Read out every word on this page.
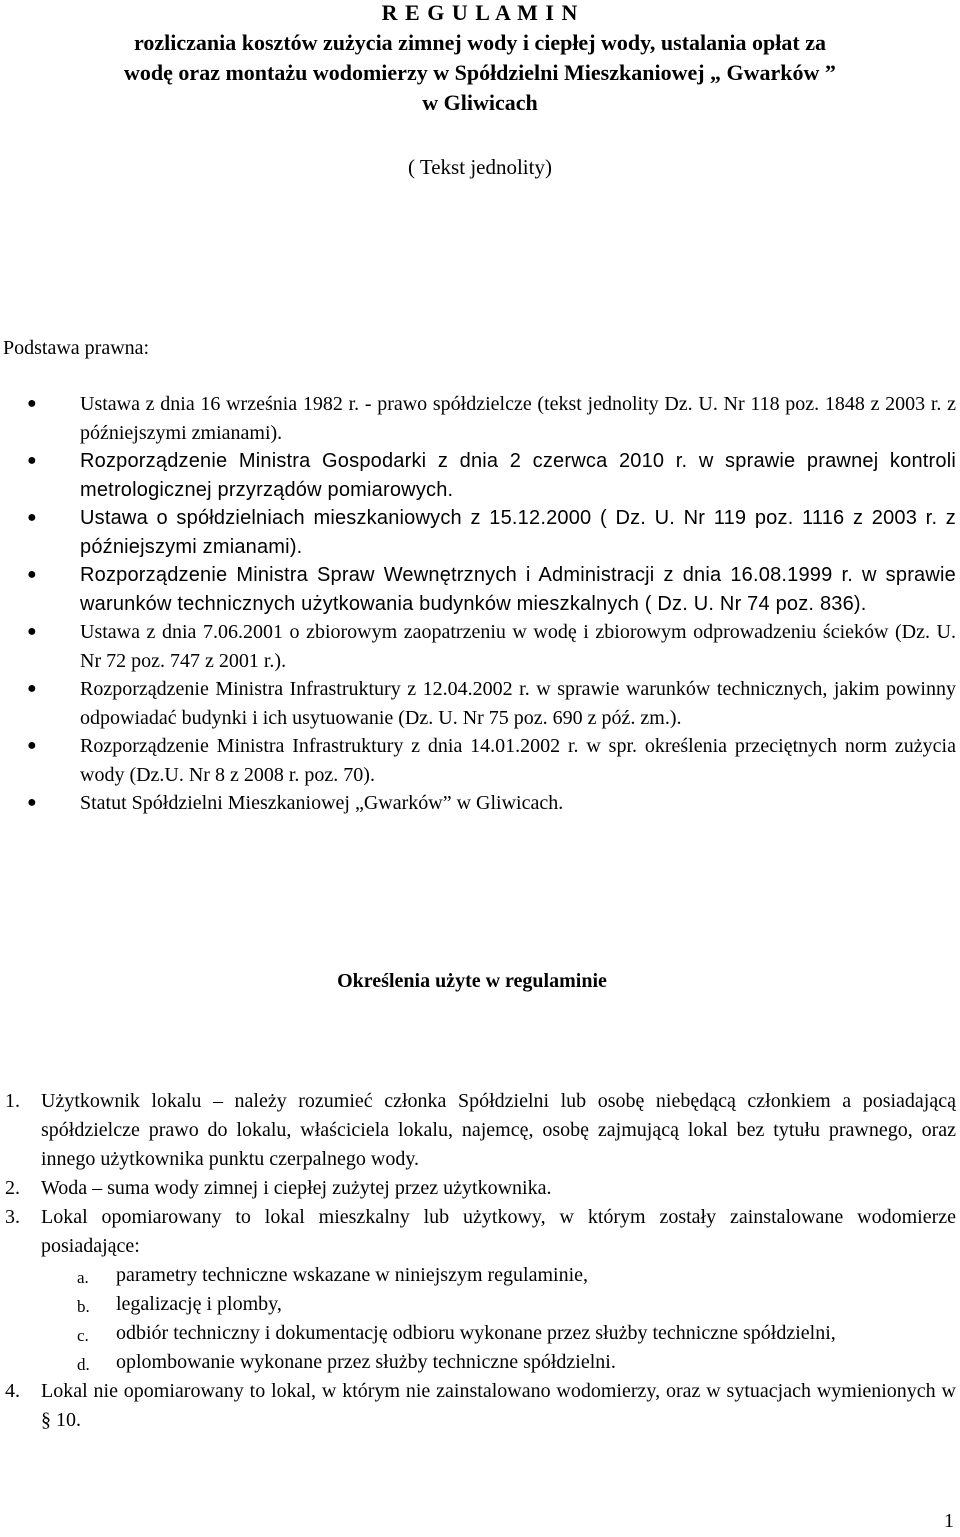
R E G U L A M I N
rozliczania kosztów zużycia zimnej wody i ciepłej wody, ustalania opłat za
wodę oraz montażu wodomierzy w Spółdzielni Mieszkaniowej „ Gwarków ”
w Gliwicach
( Tekst jednolity)
Podstawa prawna:
● Ustawa z dnia 16 września 1982 r. - prawo spółdzielcze (tekst jednolity Dz. U. Nr 118 poz. 1848 z 2003 r. z późniejszymi zmianami).
● Rozporządzenie Ministra Gospodarki z dnia 2 czerwca 2010 r. w sprawie prawnej kontroli metrologicznej przyrządów pomiarowych.
● Ustawa o spółdzielniach mieszkaniowych z 15.12.2000 ( Dz. U. Nr 119 poz. 1116 z 2003 r. z późniejszymi zmianami).
● Rozporządzenie Ministra Spraw Wewnętrznych i Administracji z dnia 16.08.1999 r. w sprawie warunków technicznych użytkowania budynków mieszkalnych ( Dz. U. Nr 74 poz. 836).
● Ustawa z dnia 7.06.2001 o zbiorowym zaopatrzeniu w wodę i zbiorowym odprowadzeniu ścieków (Dz. U. Nr 72 poz. 747 z 2001 r.).
● Rozporządzenie Ministra Infrastruktury z 12.04.2002 r. w sprawie warunków technicznych, jakim powinny odpowiadać budynki i ich usytuowanie (Dz. U. Nr 75 poz. 690 z póź. zm.).
● Rozporządzenie Ministra Infrastruktury z dnia 14.01.2002 r. w spr. określenia przeciętnych norm zużycia wody (Dz.U. Nr 8 z 2008 r. poz. 70).
● Statut Spółdzielni Mieszkaniowej „Gwarków” w Gliwicach.
Określenia użyte w regulaminie
1. Użytkownik lokalu – należy rozumieć członka Spółdzielni lub osobę niebędącą członkiem a posiadającą spółdzielcze prawo do lokalu, właściciela lokalu, najemcę, osobę zajmującą lokal bez tytułu prawnego, oraz innego użytkownika punktu czerpalnego wody.
2. Woda – suma wody zimnej i ciepłej zużytej przez użytkownika.
3. Lokal opomiarowany to lokal mieszkalny lub użytkowy, w którym zostały zainstalowane wodomierze posiadające:
a. parametry techniczne wskazane w niniejszym regulaminie,
b. legalizację i plomby,
c. odbiór techniczny i dokumentację odbioru wykonane przez służby techniczne spółdzielni,
d. oplombowanie wykonane przez służby techniczne spółdzielni.
4. Lokal nie opomiarowany to lokal, w którym nie zainstalowano wodomierzy, oraz w sytuacjach wymienionych w § 10.
1
